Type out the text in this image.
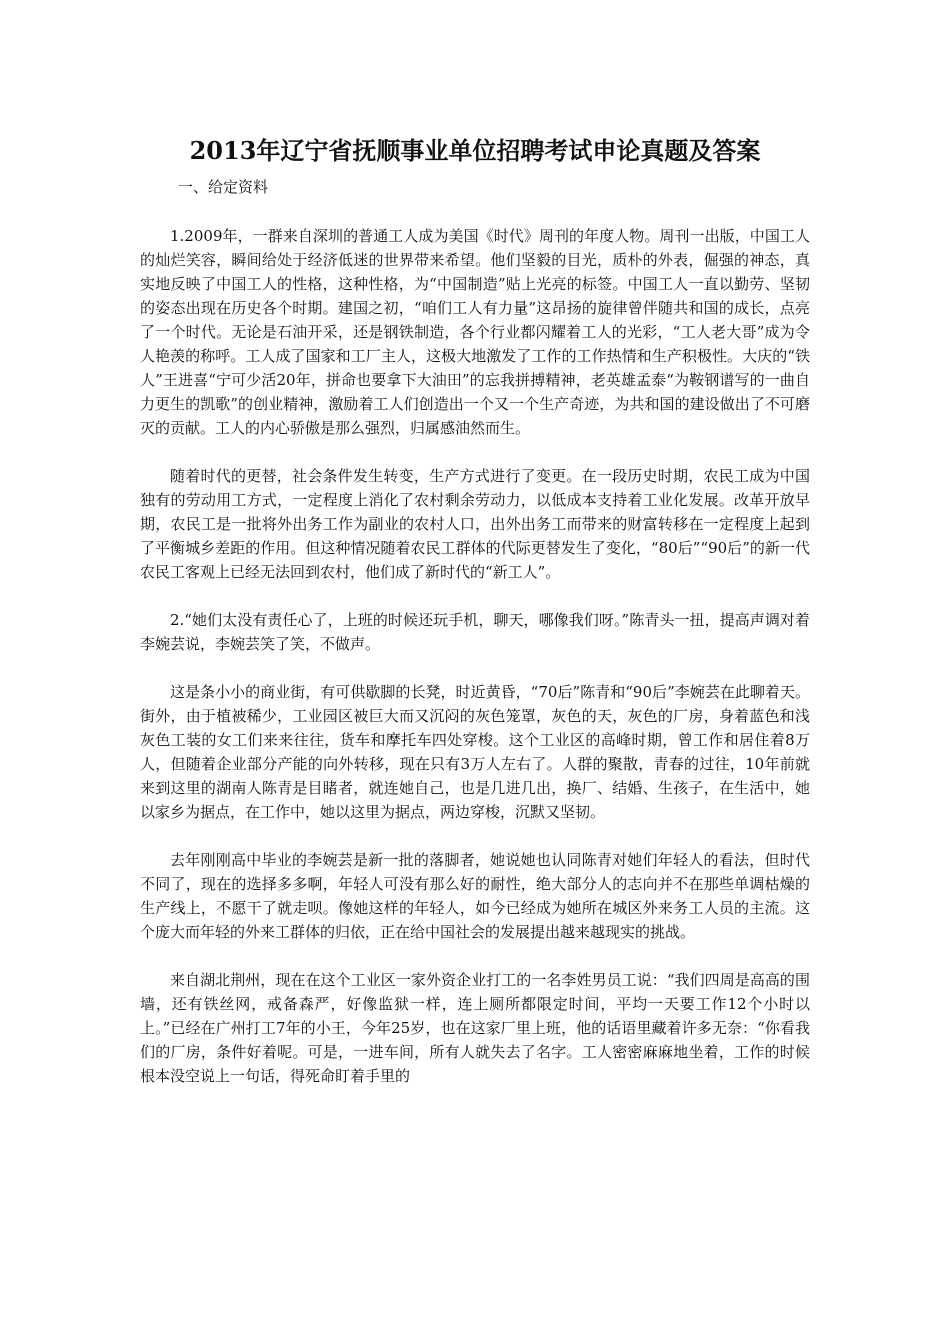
2013年辽宁省抚顺事业单位招聘考试申论真题及答案
一、给定资料

1.2009年，一群来自深圳的普通工人成为美国《时代》周刊的年度人物。周刊一出版，中国工人的灿烂笑容，瞬间给处于经济低迷的世界带来希望。他们坚毅的目光，质朴的外表，倔强的神态，真实地反映了中国工人的性格，这种性格，为“中国制造”贴上光亮的标签。中国工人一直以勤劳、坚韧的姿态出现在历史各个时期。建国之初，“咱们工人有力量”这昂扬的旋律曾伴随共和国的成长，点亮了一个时代。无论是石油开采，还是钢铁制造，各个行业都闪耀着工人的光彩，“工人老大哥”成为令人艳羡的称呼。工人成了国家和工厂主人，这极大地激发了工作的工作热情和生产积极性。大庆的“铁人”王进喜“宁可少活20年，拼命也要拿下大油田”的忘我拼搏精神，老英雄孟泰“为鞍钢谱写的一曲自力更生的凯歌”的创业精神，激励着工人们创造出一个又一个生产奇迹，为共和国的建设做出了不可磨灭的贡献。工人的内心骄傲是那么强烈，归属感油然而生。

随着时代的更替，社会条件发生转变，生产方式进行了变更。在一段历史时期，农民工成为中国独有的劳动用工方式，一定程度上消化了农村剩余劳动力，以低成本支持着工业化发展。改革开放早期，农民工是一批将外出务工作为副业的农村人口，出外出务工而带来的财富转移在一定程度上起到了平衡城乡差距的作用。但这种情况随着农民工群体的代际更替发生了变化，“80后”“90后”的新一代农民工客观上已经无法回到农村，他们成了新时代的“新工人”。

2.“她们太没有责任心了，上班的时候还玩手机，聊天，哪像我们呀。”陈青头一扭，提高声调对着李婉芸说，李婉芸笑了笑，不做声。

这是条小小的商业街，有可供歇脚的长凳，时近黄昏，“70后”陈青和“90后”李婉芸在此聊着天。街外，由于植被稀少，工业园区被巨大而又沉闷的灰色笼罩，灰色的天，灰色的厂房，身着蓝色和浅灰色工装的女工们来来往往，货车和摩托车四处穿梭。这个工业区的高峰时期，曾工作和居住着8万人，但随着企业部分产能的向外转移，现在只有3万人左右了。人群的聚散，青春的过往，10年前就来到这里的湖南人陈青是目睹者，就连她自己，也是几进几出，换厂、结婚、生孩子，在生活中，她以家乡为据点，在工作中，她以这里为据点，两边穿梭，沉默又坚韧。

去年刚刚高中毕业的李婉芸是新一批的落脚者，她说她也认同陈青对她们年轻人的看法，但时代不同了，现在的选择多多啊，年轻人可没有那么好的耐性，绝大部分人的志向并不在那些单调枯燥的生产线上，不愿干了就走呗。像她这样的年轻人，如今已经成为她所在城区外来务工人员的主流。这个庞大而年轻的外来工群体的归依，正在给中国社会的发展提出越来越现实的挑战。

来自湖北荆州，现在在这个工业区一家外资企业打工的一名李姓男员工说：“我们四周是高高的围墙，还有铁丝网，戒备森严，好像监狱一样，连上厕所都限定时间，平均一天要工作12个小时以上。”已经在广州打工7年的小王，今年25岁，也在这家厂里上班，他的话语里藏着许多无奈：“你看我们的厂房，条件好着呢。可是，一进车间，所有人就失去了名字。工人密密麻麻地坐着，工作的时候根本没空说上一句话，得死命盯着手里的
